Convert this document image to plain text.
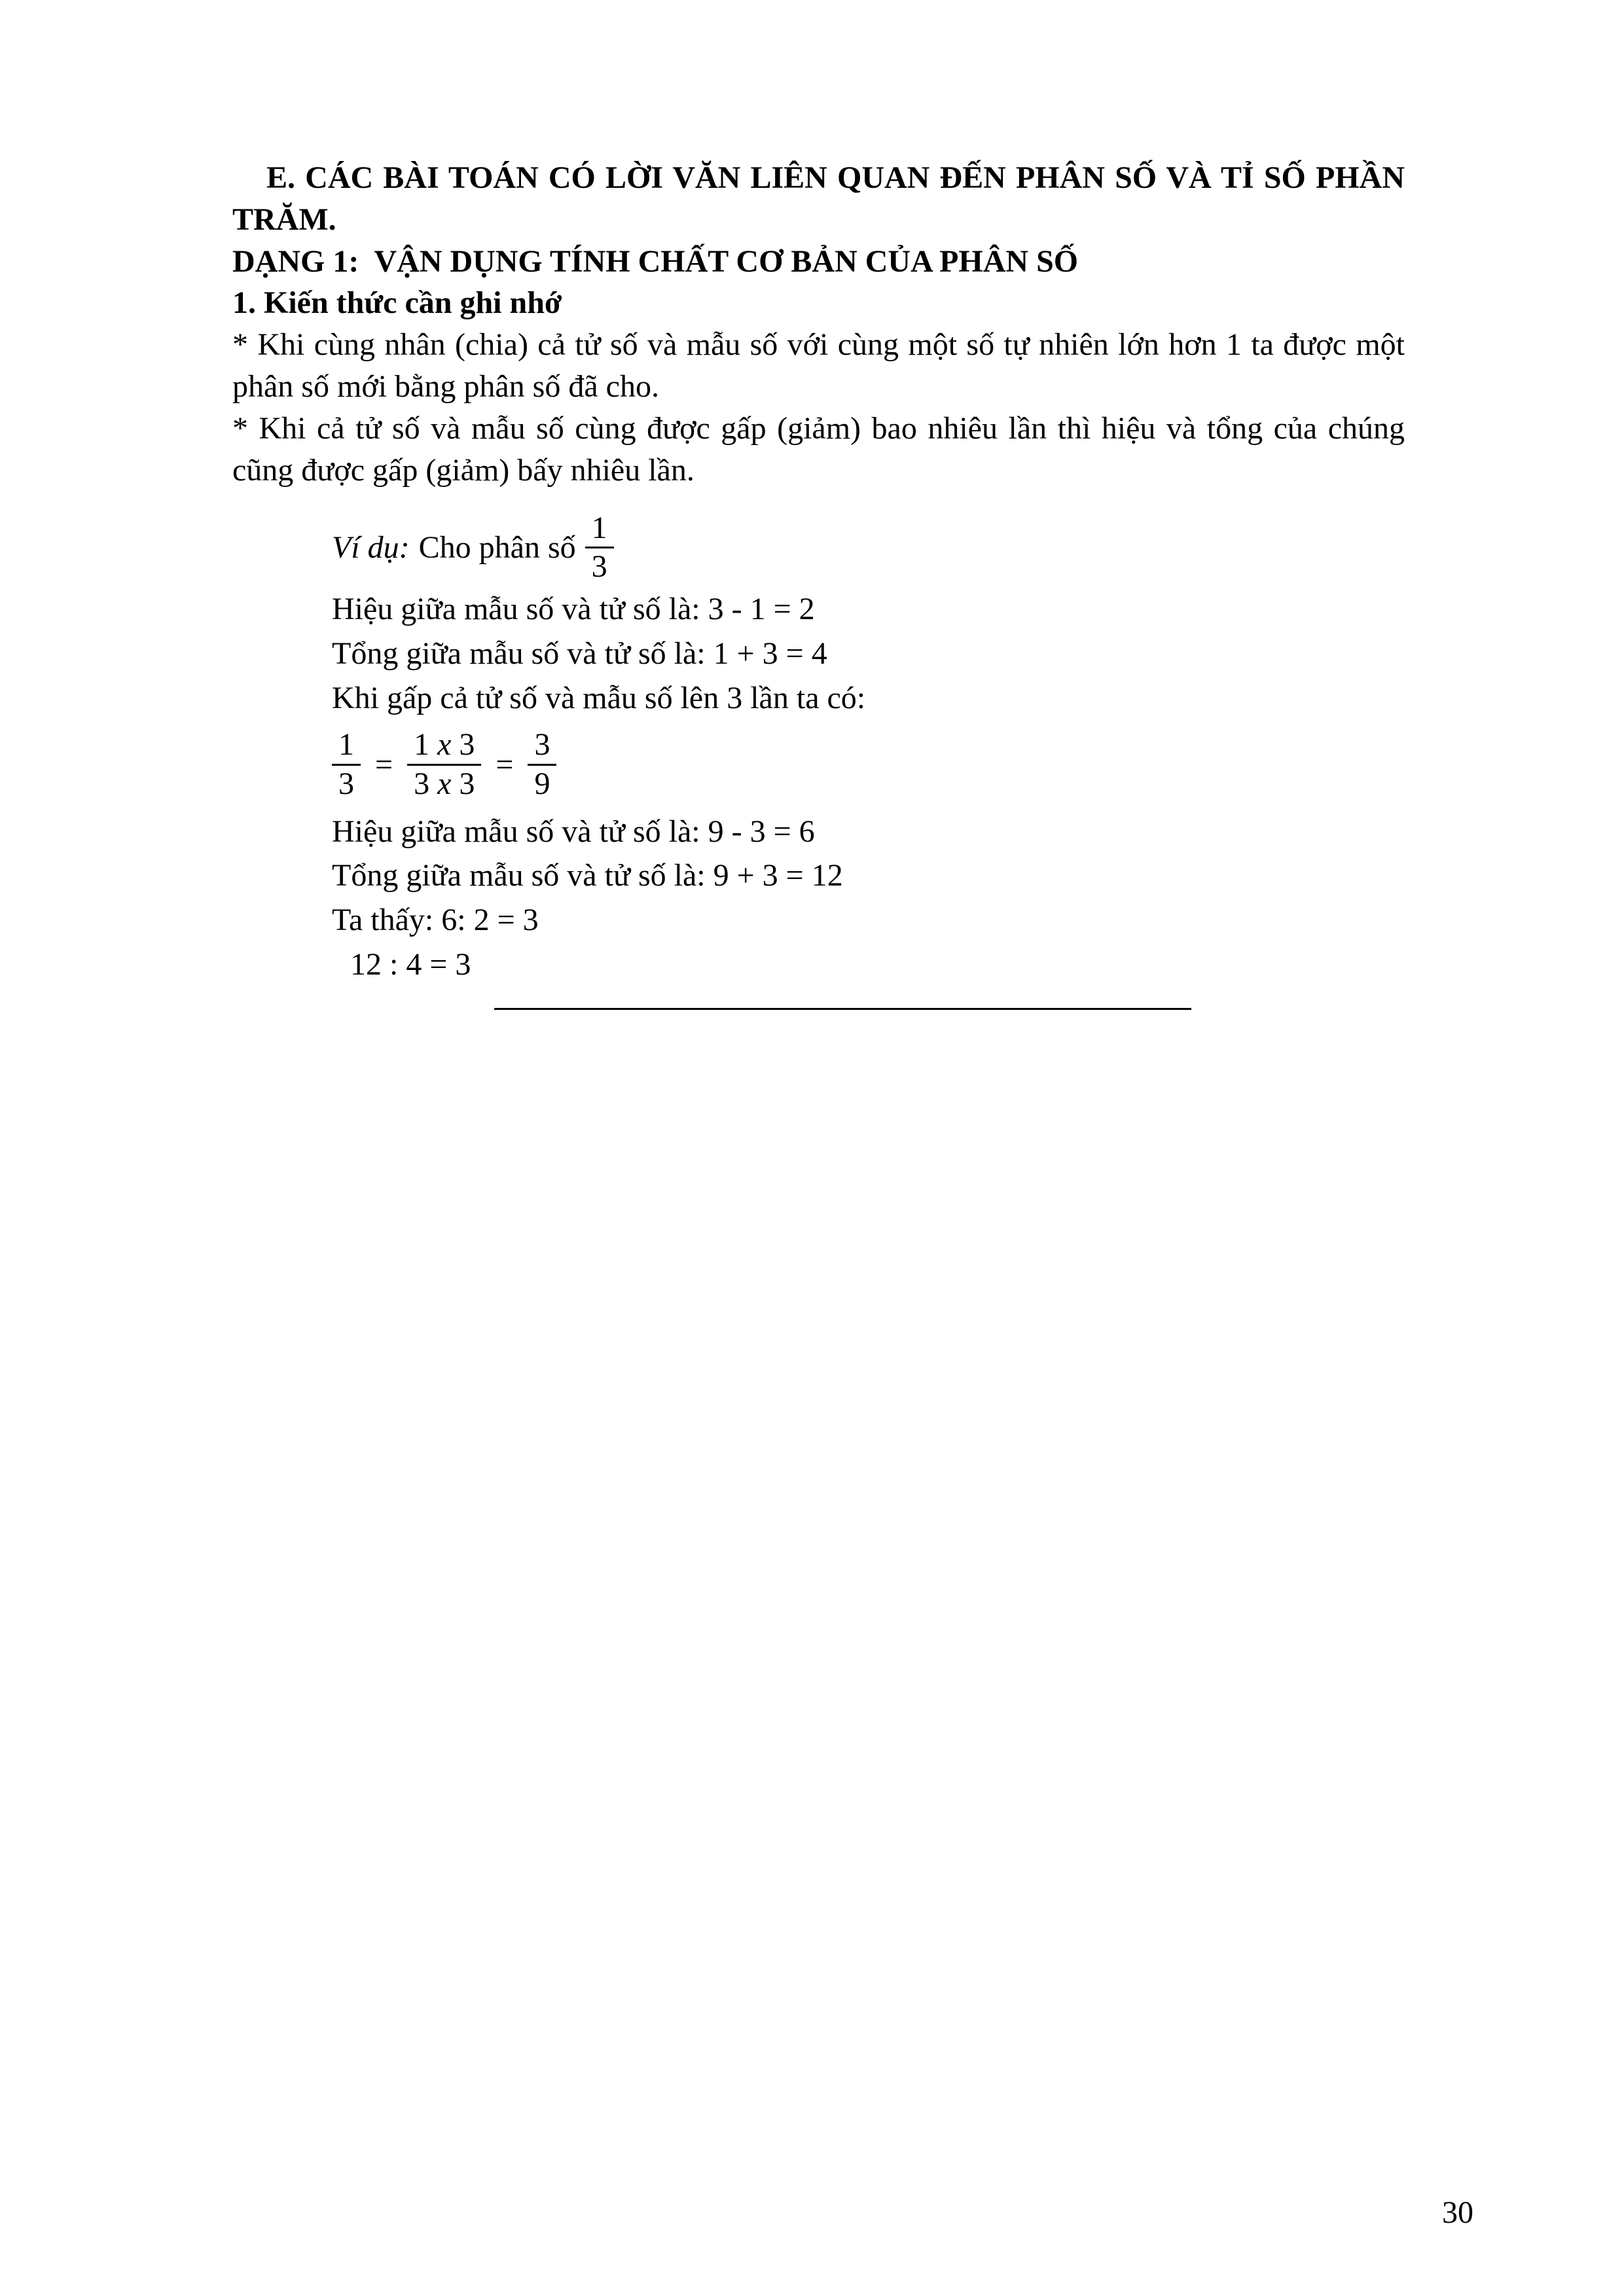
E. CÁC BÀI TOÁN CÓ LỜI VĂN LIÊN QUAN ĐẾN PHÂN SỐ VÀ TỈ SỐ PHẦN TRĂM.

DẠNG 1:  VẬN DỤNG TÍNH CHẤT CƠ BẢN CỦA PHÂN SỐ

1. Kiến thức cần ghi nhớ

* Khi cùng nhân (chia) cả tử số và mẫu số với cùng một số tự nhiên lớn hơn 1 ta được một phân số mới bằng phân số đã cho.

* Khi cả tử số và mẫu số cùng được gấp (giảm) bao nhiêu lần thì hiệu và tổng của chúng cũng được gấp (giảm) bấy nhiêu lần.

Ví dụ: Cho phân số $\frac{1}{3}$
Hiệu giữa mẫu số và tử số là: 3 - 1 = 2
Tổng giữa mẫu số và tử số là: 1 + 3 = 4
Khi gấp cả tử số và mẫu số lên 3 lần ta có:
$\frac{1}{3} = \frac{1 x 3}{3 x 3} = \frac{3}{9}$
Hiệu giữa mẫu số và tử số là: 9 - 3 = 6
Tổng giữa mẫu số và tử số là: 9 + 3 = 12
Ta thấy: 6: 2 = 3
12 : 4 = 3
30
